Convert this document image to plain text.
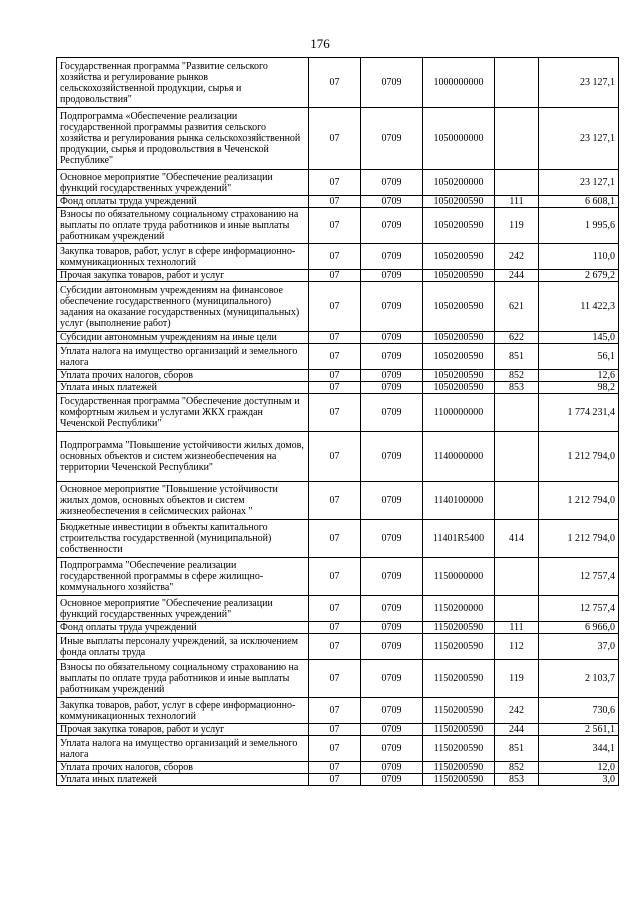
176
Государственная программа "Развитие сельского хозяйства и регулирование рынков сельскохозяйственной продукции, сырья и продовольствия"	07	0709	1000000000		23 127,1
Подпрограмма «Обеспечение реализации государственной программы развития сельского хозяйства и регулирования рынка сельскохозяйственной продукции, сырья и продовольствия в Чеченской Республике"	07	0709	1050000000		23 127,1
Основное мероприятие "Обеспечение реализации функций государственных учреждений"	07	0709	1050200000		23 127,1
Фонд оплаты труда учреждений	07	0709	1050200590	111	6 608,1
Взносы по обязательному социальному страхованию на выплаты по оплате труда работников и иные выплаты работникам учреждений	07	0709	1050200590	119	1 995,6
Закупка товаров, работ, услуг в сфере информационно-коммуникационных технологий	07	0709	1050200590	242	110,0
Прочая закупка товаров, работ и услуг	07	0709	1050200590	244	2 679,2
Субсидии автономным учреждениям на финансовое обеспечение государственного (муниципального) задания на оказание государственных (муниципальных) услуг (выполнение работ)	07	0709	1050200590	621	11 422,3
Субсидии автономным учреждениям на иные цели	07	0709	1050200590	622	145,0
Уплата налога на имущество организаций и земельного налога	07	0709	1050200590	851	56,1
Уплата прочих налогов, сборов	07	0709	1050200590	852	12,6
Уплата иных платежей	07	0709	1050200590	853	98,2
Государственная программа "Обеспечение доступным и комфортным жильем и услугами ЖКХ граждан Чеченской Республики"	07	0709	1100000000		1 774 231,4
Подпрограмма "Повышение устойчивости жилых домов, основных объектов и систем жизнеобеспечения на территории Чеченской Республики"	07	0709	1140000000		1 212 794,0
Основное мероприятие "Повышение устойчивости жилых домов, основных объектов и систем жизнеобеспечения в сейсмических районах "	07	0709	1140100000		1 212 794,0
Бюджетные инвестиции в объекты капитального строительства государственной (муниципальной) собственности	07	0709	11401R5400	414	1 212 794,0
Подпрограмма "Обеспечение реализации государственной программы в сфере жилищно-коммунального хозяйства"	07	0709	1150000000		12 757,4
Основное мероприятие "Обеспечение реализации функций государственных учреждений"	07	0709	1150200000		12 757,4
Фонд оплаты труда учреждений	07	0709	1150200590	111	6 966,0
Иные выплаты персоналу учреждений, за исключением фонда оплаты труда	07	0709	1150200590	112	37,0
Взносы по обязательному социальному страхованию на выплаты по оплате труда работников и иные выплаты работникам учреждений	07	0709	1150200590	119	2 103,7
Закупка товаров, работ, услуг в сфере информационно-коммуникационных технологий	07	0709	1150200590	242	730,6
Прочая закупка товаров, работ и услуг	07	0709	1150200590	244	2 561,1
Уплата налога на имущество организаций и земельного налога	07	0709	1150200590	851	344,1
Уплата прочих налогов, сборов	07	0709	1150200590	852	12,0
Уплата иных платежей	07	0709	1150200590	853	3,0
